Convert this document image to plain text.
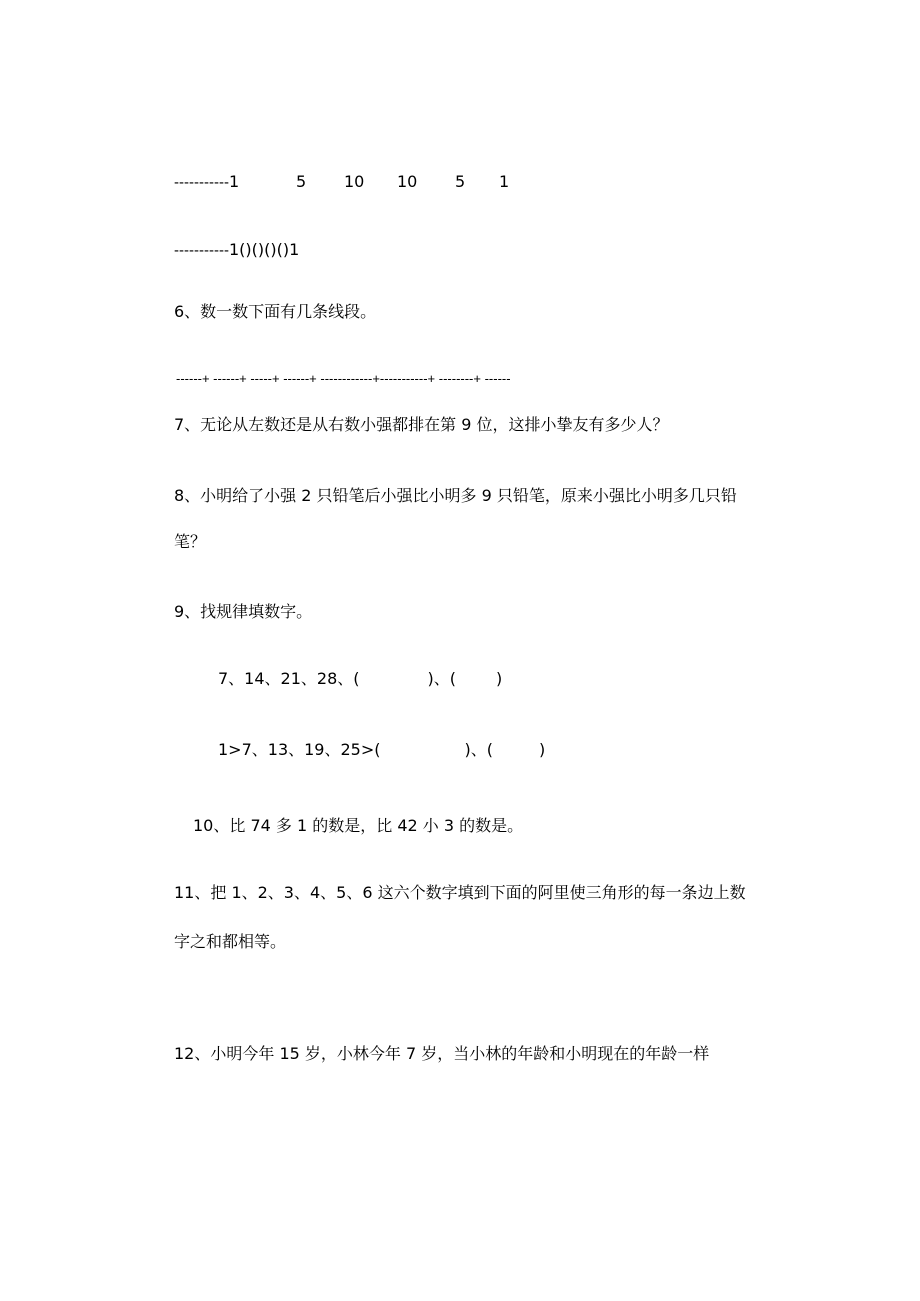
-----------1	5 10 10 5 1
-----------1()()()()1
6、数一数下面有几条线段。
------+ ------+ -----+ ------+ ------------+-----------+ --------+ ------
7、无论从左数还是从右数小强都排在第 9 位，这排小挚友有多少人？
8、小明给了小强 2 只铅笔后小强比小明多 9 只铅笔，原来小强比小明多几只铅
笔？
9、找规律填数字。
7、14、21、28、(	)、(	)
1>7、13、19、25>(	)、(	)
10、比 74 多 1 的数是，比 42 小 3 的数是。
11、把 1、2、3、4、5、6 这六个数字填到下面的阿里使三角形的每一条边上数
字之和都相等。
12、小明今年 15 岁，小林今年 7 岁，当小林的年龄和小明现在的年龄一样
